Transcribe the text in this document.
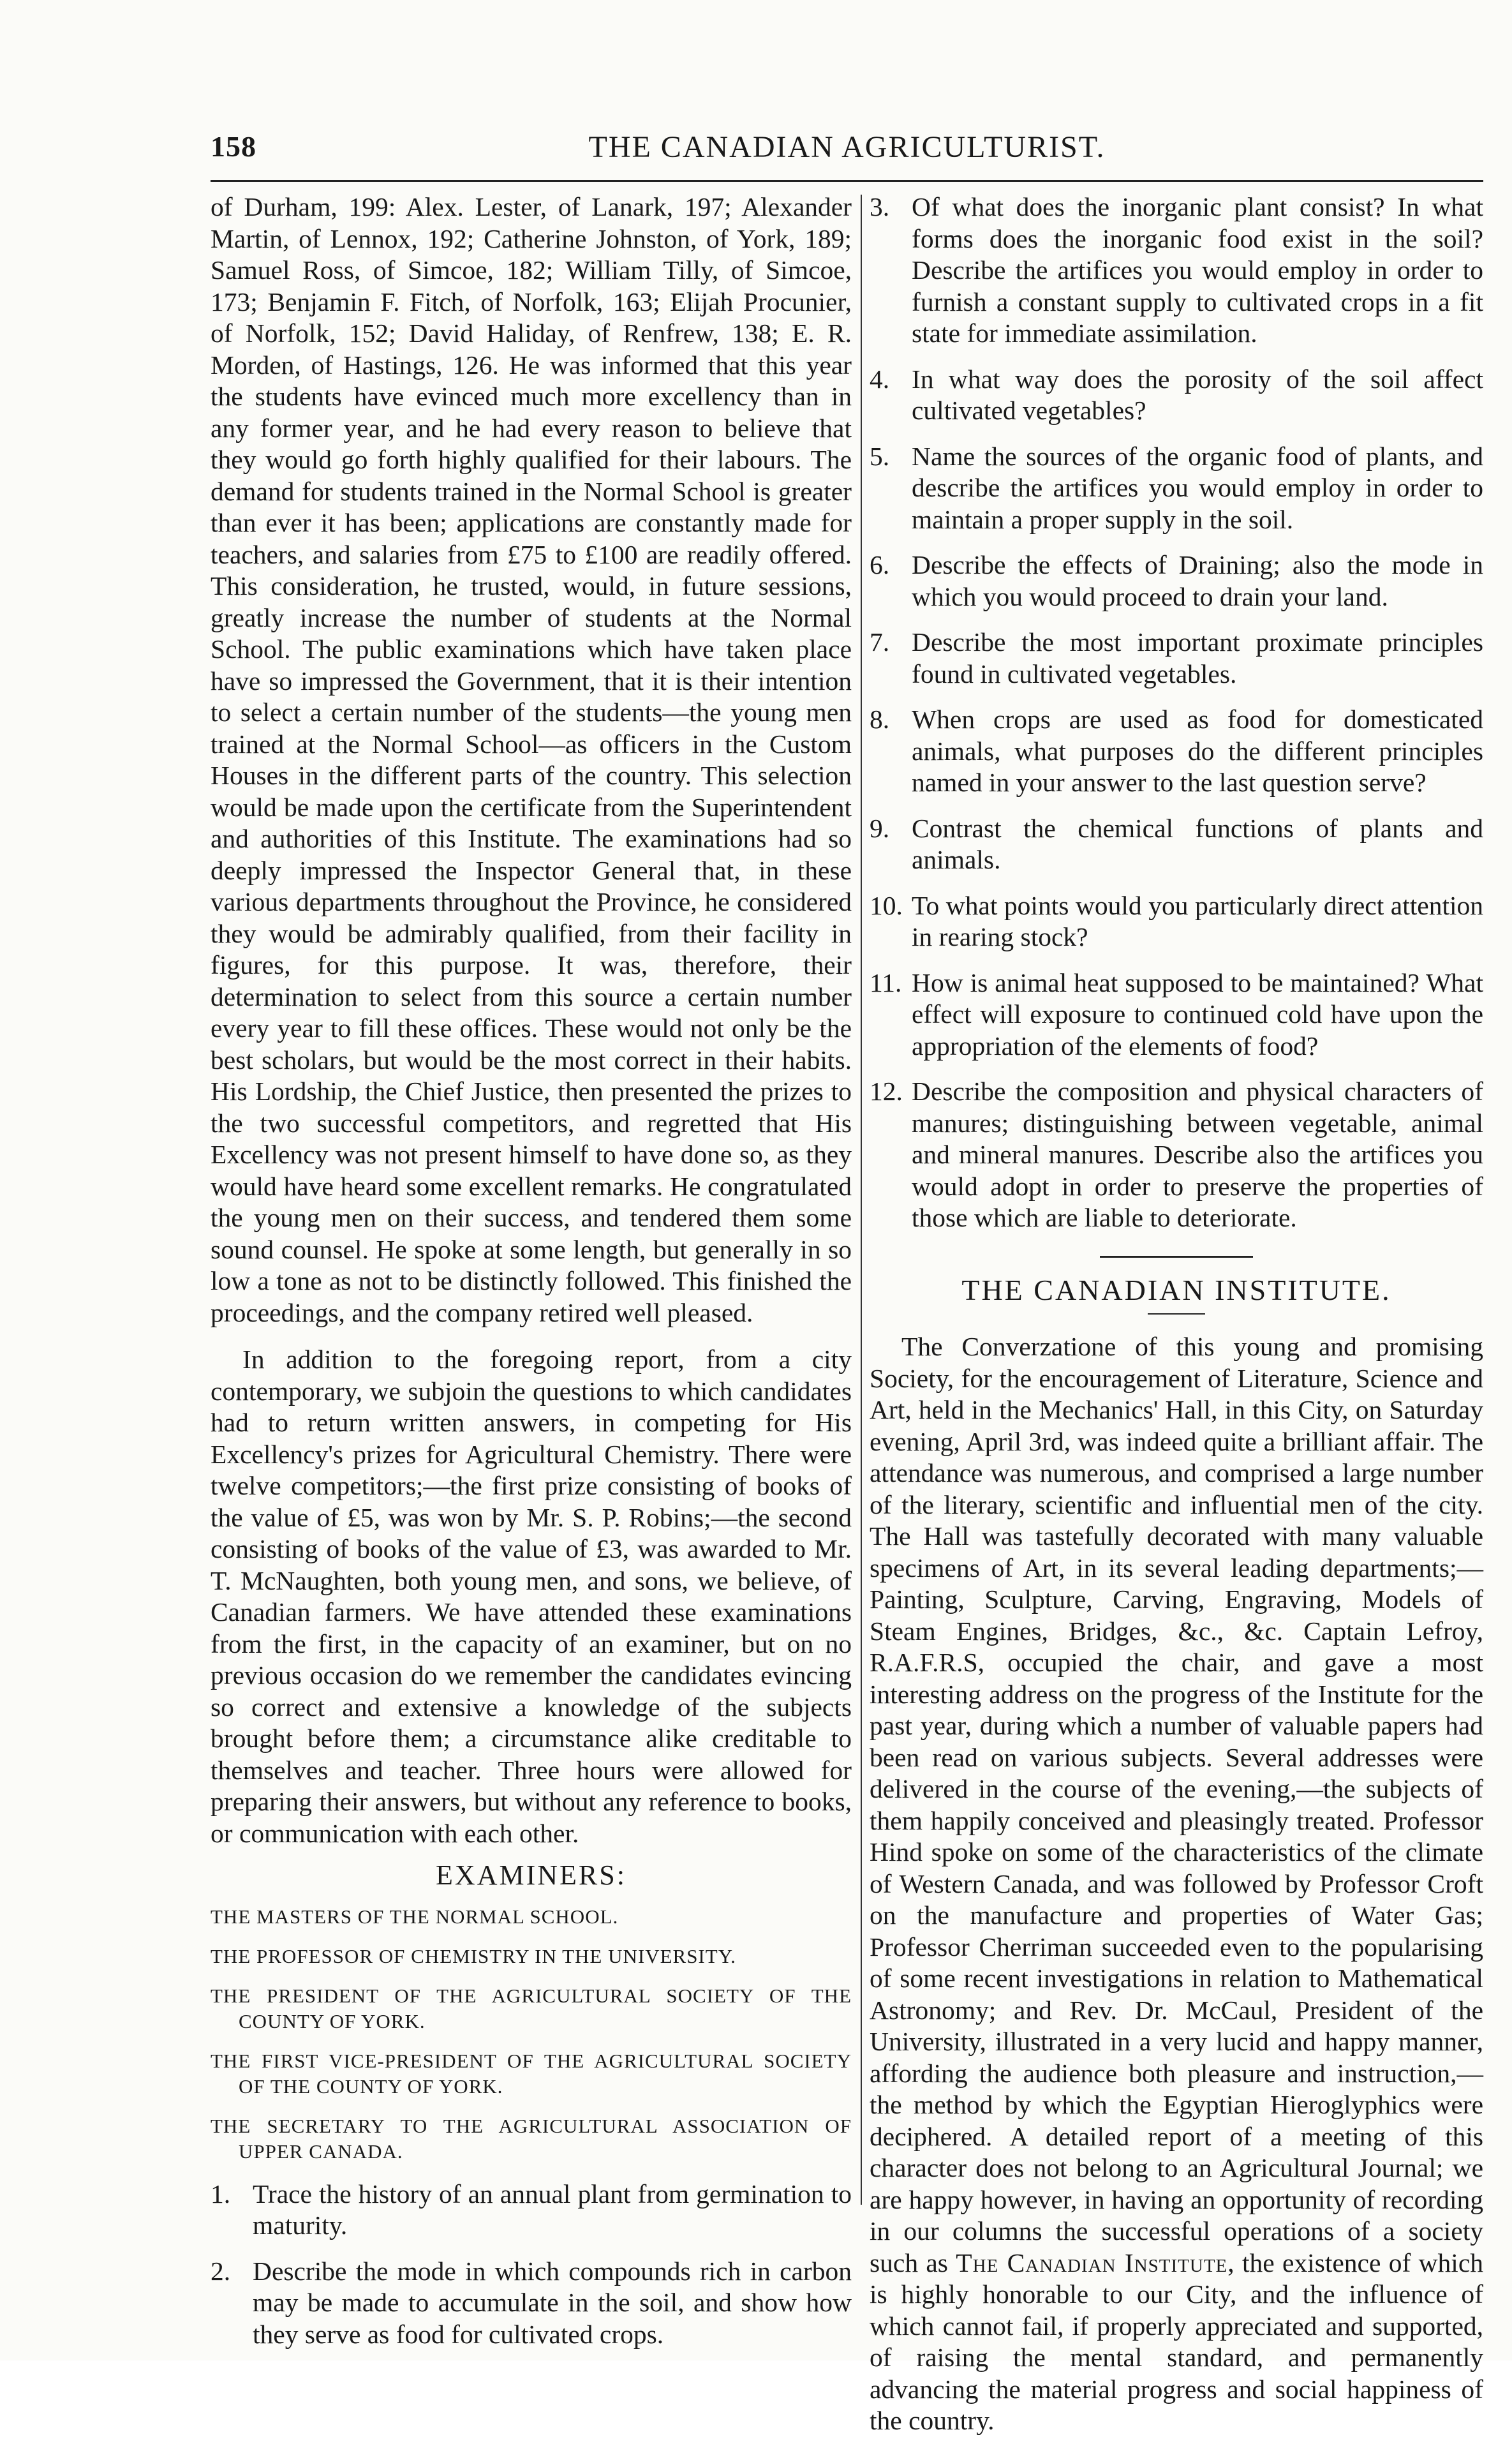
158	THE CANADIAN AGRICULTURIST.

of Durham, 199: Alex. Lester, of Lanark, 197; Alexander Martin, of Lennox, 192; Catherine Johnston, of York, 189; Samuel Ross, of Simcoe, 182; William Tilly, of Simcoe, 173; Benjamin F. Fitch, of Norfolk, 163; Elijah Procunier, of Norfolk, 152; David Haliday, of Renfrew, 138; E. R. Morden, of Hastings, 126. He was informed that this year the students have evinced much more excellency than in any former year, and he had every reason to believe that they would go forth highly qualified for their labours. The demand for students trained in the Normal School is greater than ever it has been; applications are constantly made for teachers, and salaries from £75 to £100 are readily offered. This consideration, he trusted, would, in future sessions, greatly increase the number of students at the Normal School. The public examinations which have taken place have so impressed the Government, that it is their intention to select a certain number of the students—the young men trained at the Normal School—as officers in the Custom Houses in the different parts of the country. This selection would be made upon the certificate from the Superintendent and authorities of this Institute. The examinations had so deeply impressed the Inspector General that, in these various departments throughout the Province, he considered they would be admirably qualified, from their facility in figures, for this purpose. It was, therefore, their determination to select from this source a certain number every year to fill these offices. These would not only be the best scholars, but would be the most correct in their habits. His Lordship, the Chief Justice, then presented the prizes to the two successful competitors, and regretted that His Excellency was not present himself to have done so, as they would have heard some excellent remarks. He congratulated the young men on their success, and tendered them some sound counsel. He spoke at some length, but generally in so low a tone as not to be distinctly followed. This finished the proceedings, and the company retired well pleased.

In addition to the foregoing report, from a city contemporary, we subjoin the questions to which candidates had to return written answers, in competing for His Excellency's prizes for Agricultural Chemistry. There were twelve competitors;—the first prize consisting of books of the value of £5, was won by Mr. S. P. Robins;—the second consisting of books of the value of £3, was awarded to Mr. T. McNaughten, both young men, and sons, we believe, of Canadian farmers. We have attended these examinations from the first, in the capacity of an examiner, but on no previous occasion do we remember the candidates evincing so correct and extensive a knowledge of the subjects brought before them; a circumstance alike creditable to themselves and teacher. Three hours were allowed for preparing their answers, but without any reference to books, or communication with each other.

EXAMINERS:

THE MASTERS OF THE NORMAL SCHOOL.

THE PROFESSOR OF CHEMISTRY IN THE UNIVERSITY.

THE PRESIDENT OF THE AGRICULTURAL SOCIETY OF THE COUNTY OF YORK.

THE FIRST VICE-PRESIDENT OF THE AGRICULTURAL SOCIETY OF THE COUNTY OF YORK.

THE SECRETARY TO THE AGRICULTURAL ASSOCIATION OF UPPER CANADA.

1. Trace the history of an annual plant from germination to maturity.
2. Describe the mode in which compounds rich in carbon may be made to accumulate in the soil, and show how they serve as food for cultivated crops.
3. Of what does the inorganic plant consist? In what forms does the inorganic food exist in the soil? Describe the artifices you would employ in order to furnish a constant supply to cultivated crops in a fit state for immediate assimilation.
4. In what way does the porosity of the soil affect cultivated vegetables?
5. Name the sources of the organic food of plants, and describe the artifices you would employ in order to maintain a proper supply in the soil.
6. Describe the effects of Draining; also the mode in which you would proceed to drain your land.
7. Describe the most important proximate principles found in cultivated vegetables.
8. When crops are used as food for domesticated animals, what purposes do the different principles named in your answer to the last question serve?
9. Contrast the chemical functions of plants and animals.
10. To what points would you particularly direct attention in rearing stock?
11. How is animal heat supposed to be maintained? What effect will exposure to continued cold have upon the appropriation of the elements of food?
12. Describe the composition and physical characters of manures; distinguishing between vegetable, animal and mineral manures. Describe also the artifices you would adopt in order to preserve the properties of those which are liable to deteriorate.
THE CANADIAN INSTITUTE.

The Converzatione of this young and promising Society, for the encouragement of Literature, Science and Art, held in the Mechanics' Hall, in this City, on Saturday evening, April 3rd, was indeed quite a brilliant affair. The attendance was numerous, and comprised a large number of the literary, scientific and influential men of the city. The Hall was tastefully decorated with many valuable specimens of Art, in its several leading departments;—Painting, Sculpture, Carving, Engraving, Models of Steam Engines, Bridges, &c., &c. Captain Lefroy, R.A.F.R.S, occupied the chair, and gave a most interesting address on the progress of the Institute for the past year, during which a number of valuable papers had been read on various subjects. Several addresses were delivered in the course of the evening,—the subjects of them happily conceived and pleasingly treated. Professor Hind spoke on some of the characteristics of the climate of Western Canada, and was followed by Professor Croft on the manufacture and properties of Water Gas; Professor Cherriman succeeded even to the popularising of some recent investigations in relation to Mathematical Astronomy; and Rev. Dr. McCaul, President of the University, illustrated in a very lucid and happy manner, affording the audience both pleasure and instruction,—the method by which the Egyptian Hieroglyphics were deciphered. A detailed report of a meeting of this character does not belong to an Agricultural Journal; we are happy however, in having an opportunity of recording in our columns the successful operations of a society such as The Canadian Institute, the existence of which is highly honorable to our City, and the influence of which cannot fail, if properly appreciated and supported, of raising the mental standard, and permanently advancing the material progress and social happiness of the country.
